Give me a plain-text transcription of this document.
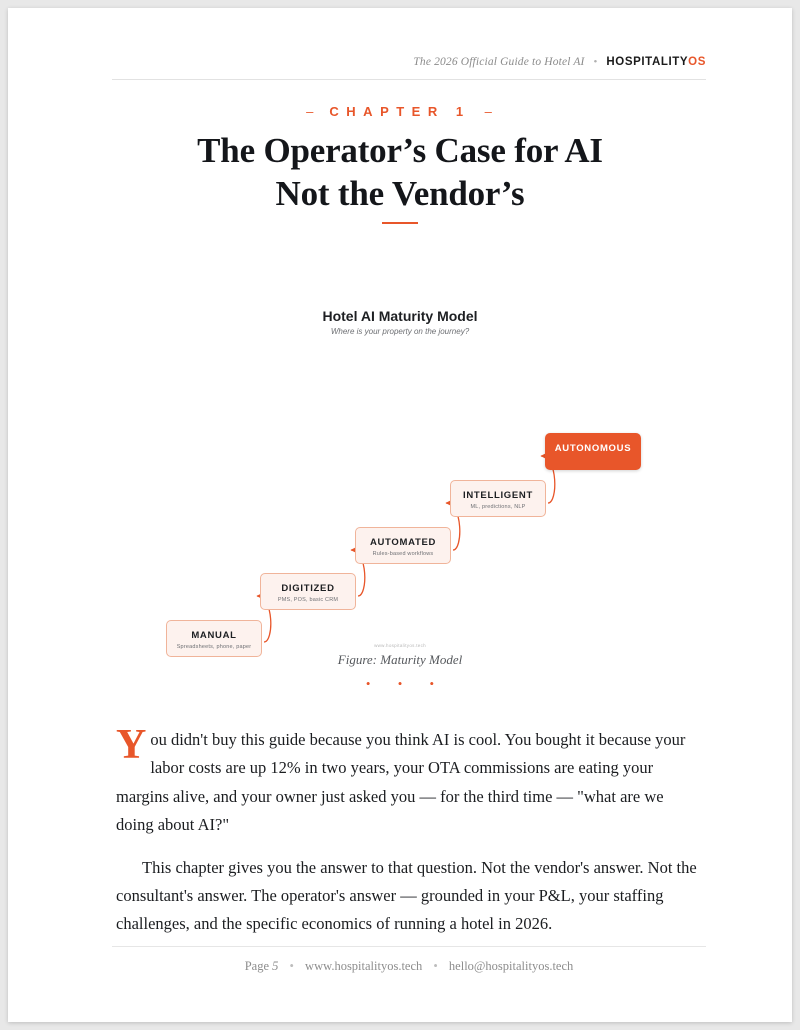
The 2026 Official Guide to Hotel AI • HOSPITALITYOS
– CHAPTER 1 –
The Operator’s Case for AI
Not the Vendor’s
Hotel AI Maturity Model
Where is your property on the journey?
MANUAL
Spreadsheets, phone, paper
DIGITIZED
PMS, POS, basic CRM
AUTOMATED
Rules-based workflows
INTELLIGENT
ML, predictions, NLP
AUTONOMOUS
www.hospitalityos.tech
Figure: Maturity Model
• • •

You didn't buy this guide because you think AI is cool. You bought it because your labor costs are up 12% in two years, your OTA commissions are eating your margins alive, and your owner just asked you — for the third time — "what are we doing about AI?"

This chapter gives you the answer to that question. Not the vendor's answer. Not the consultant's answer. The operator's answer — grounded in your P&L, your staffing challenges, and the specific economics of running a hotel in 2026.

Page 5 • www.hospitalityos.tech • hello@hospitalityos.tech
